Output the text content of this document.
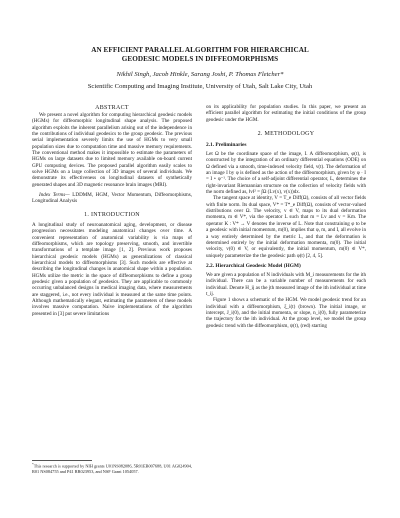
AN EFFICIENT PARALLEL ALGORITHM FOR HIERARCHICAL
GEODESIC MODELS IN DIFFEOMORPHISMS
Nikhil Singh, Jacob Hinkle, Sarang Joshi, P. Thomas Fletcher*
Scientific Computing and Imaging Institute, University of Utah, Salt Lake City, Utah

ABSTRACT

We present a novel algorithm for computing hierarchical geodesic models (HGMs) for diffeomorphic longitudinal shape analysis. The proposed algorithm exploits the inherent parallelism arising out of the independence in the contributions of individual geodesics to the group geodesic. The previous serial implementation severely limits the use of HGMs to very small population sizes due to computation time and massive memory requirements. The conventional method makes it impossible to estimate the parameters of HGMs on large datasets due to limited memory available on-board current GPU computing devices. The proposed parallel algorithm easily scales to solve HGMs on a large collection of 3D images of several individuals. We demonstrate its effectiveness on longitudinal datasets of synthetically generated shapes and 3D magnetic resonance brain images (MRI).

Index Terms— LDDMM, HGM, Vector Momentum, Diffeomorphisms, Longitudinal Analysis

1. INTRODUCTION

A longitudinal study of neuroanatomical aging, development, or disease progression necessitates modeling anatomical changes over time. A convenient representation of anatomical variability is via maps of diffeomorphisms, which are topology preserving, smooth, and invertible transformations of a template image [1, 2]. Previous work proposes hierarchical geodesic models (HGMs) as generalizations of classical hierarchical models to diffeomorphisms [3]. Such models are effective at describing the longitudinal changes in anatomical shape within a population. HGMs utilize the metric in the space of diffeomorphisms to define a group geodesic given a population of geodesics. They are applicable to commonly occurring unbalanced designs in medical imaging data, where measurements are staggered, i.e., not every individual is measured at the same time points. Although mathematically elegant, estimating the parameters of these models involves massive computation. Naive implementations of the algorithm presented in [3] put severe limitations

*This research is supported by NIH grants U01NS082086, 5R01EB007688, U01 AG024904, R01 NS084755 and P41 RR023953, and NSF Grant 1054057.

on its applicability for population studies. In this paper, we present an efficient parallel algorithm for estimating the initial conditions of the group geodesic under the HGM.

2. METHODOLOGY

2.1. Preliminaries

Let Ω be the coordinate space of the image, I. A diffeomorphism, φ(t), is constructed by the integration of an ordinary differential equations (ODE) on Ω defined via a smooth, time-indexed velocity field, v(t). The deformation of an image I by φ is defined as the action of the diffeomorphism, given by φ · I = I ∘ φ⁻¹. The choice of a self-adjoint differential operator, L, determines the right-invariant Riemannian structure on the collection of velocity fields with the norm defined as, ‖v‖² = ∫Ω (Lv(x), v(x))dx.

The tangent space at identity, V = T_e Diff(Ω), consists of all vector fields with finite norm. Its dual space, V* = T*_e Diff(Ω), consists of vector-valued distributions over Ω. The velocity, v ∈ V, maps to its dual deformation momenta, m ∈ V*, via the operator L such that m = Lv and v = Km. The operator K : V* → V denotes the inverse of L. Note that constraining φ to be a geodesic with initial momentum, m(0), implies that φ, m, and I, all evolve in a way entirely determined by the metric L, and that the deformation is determined entirely by the initial deformation momenta, m(0). The initial velocity, v(0) ∈ V, or equivalently, the initial momentum, m(0) ∈ V*, uniquely parameterize the the geodesic path φ(t) [2, 4, 5].

2.2. Hierarchical Geodesic Model (HGM)

We are given a population of N individuals with M_i measurements for the ith individual. There can be a variable number of measurements for each individual. Denote H_ij as the jth measured image of the ith individual at time t_ij.

Figure 1 shows a schematic of the HGM. We model geodesic trend for an individual with a diffeomorphism, ξ_i(t) (brown). The initial image, or intercept, J_i(0), and the initial momenta, or slope, n_i(0), fully parameterize the trajectory for the ith individual. At the group level, we model the group geodesic trend with the diffeomorphism, ψ(t), (red) starting
